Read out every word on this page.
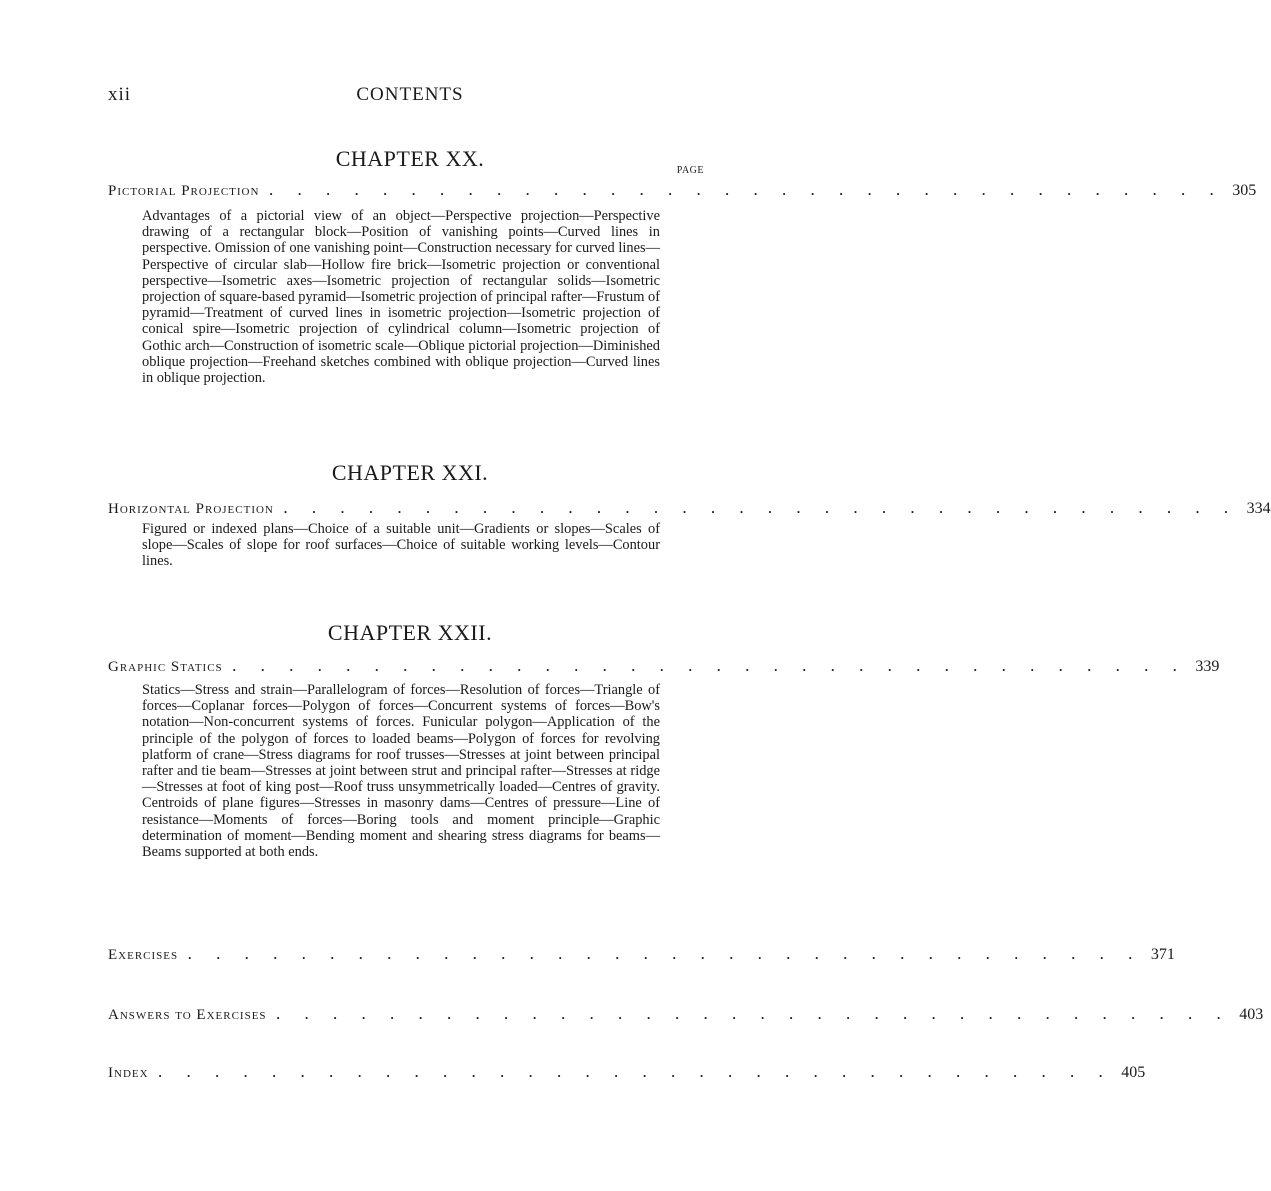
xii	CONTENTS
CHAPTER XX.	PAGE
Pictorial Projection . . . . . . . . . . . . . . . . . . . . . . . . . . . . . . . . . . 305
Advantages of a pictorial view of an object—Perspective projection—Perspective drawing of a rectangular block—Position of vanishing points—Curved lines in perspective. Omission of one vanishing point—Construction necessary for curved lines—Perspective of circular slab—Hollow fire brick—Isometric projection or conventional perspective—Isometric axes—Isometric projection of rectangular solids—Isometric projection of square-based pyramid—Isometric projection of principal rafter—Frustum of pyramid—Treatment of curved lines in isometric projection—Isometric projection of conical spire—Isometric projection of cylindrical column—Isometric projection of Gothic arch—Construction of isometric scale—Oblique pictorial projection—Diminished oblique projection—Freehand sketches combined with oblique projection—Curved lines in oblique projection.
CHAPTER XXI.
Horizontal Projection . . . . . . . . . . . . . . . . . . . . . . . . . . . . . . . . . . 334
Figured or indexed plans—Choice of a suitable unit—Gradients or slopes—Scales of slope—Scales of slope for roof surfaces—Choice of suitable working levels—Contour lines.
CHAPTER XXII.
Graphic Statics . . . . . . . . . . . . . . . . . . . . . . . . . . . . . . . . . . 339
Statics—Stress and strain—Parallelogram of forces—Resolution of forces—Triangle of forces—Coplanar forces—Polygon of forces—Concurrent systems of forces—Bow's notation—Non-concurrent systems of forces. Funicular polygon—Application of the principle of the polygon of forces to loaded beams—Polygon of forces for revolving platform of crane—Stress diagrams for roof trusses—Stresses at joint between principal rafter and tie beam—Stresses at joint between strut and principal rafter—Stresses at ridge—Stresses at foot of king post—Roof truss unsymmetrically loaded—Centres of gravity. Centroids of plane figures—Stresses in masonry dams—Centres of pressure—Line of resistance—Moments of forces—Boring tools and moment principle—Graphic determination of moment—Bending moment and shearing stress diagrams for beams—Beams supported at both ends.
Exercises . . . . . . . . . . . . . . . . . . . . . . . . . . . . . . . . . . 371
Answers to Exercises . . . . . . . . . . . . . . . . . . . . . . . . . . . . . . . . . . 403
Index . . . . . . . . . . . . . . . . . . . . . . . . . . . . . . . . . . 405
